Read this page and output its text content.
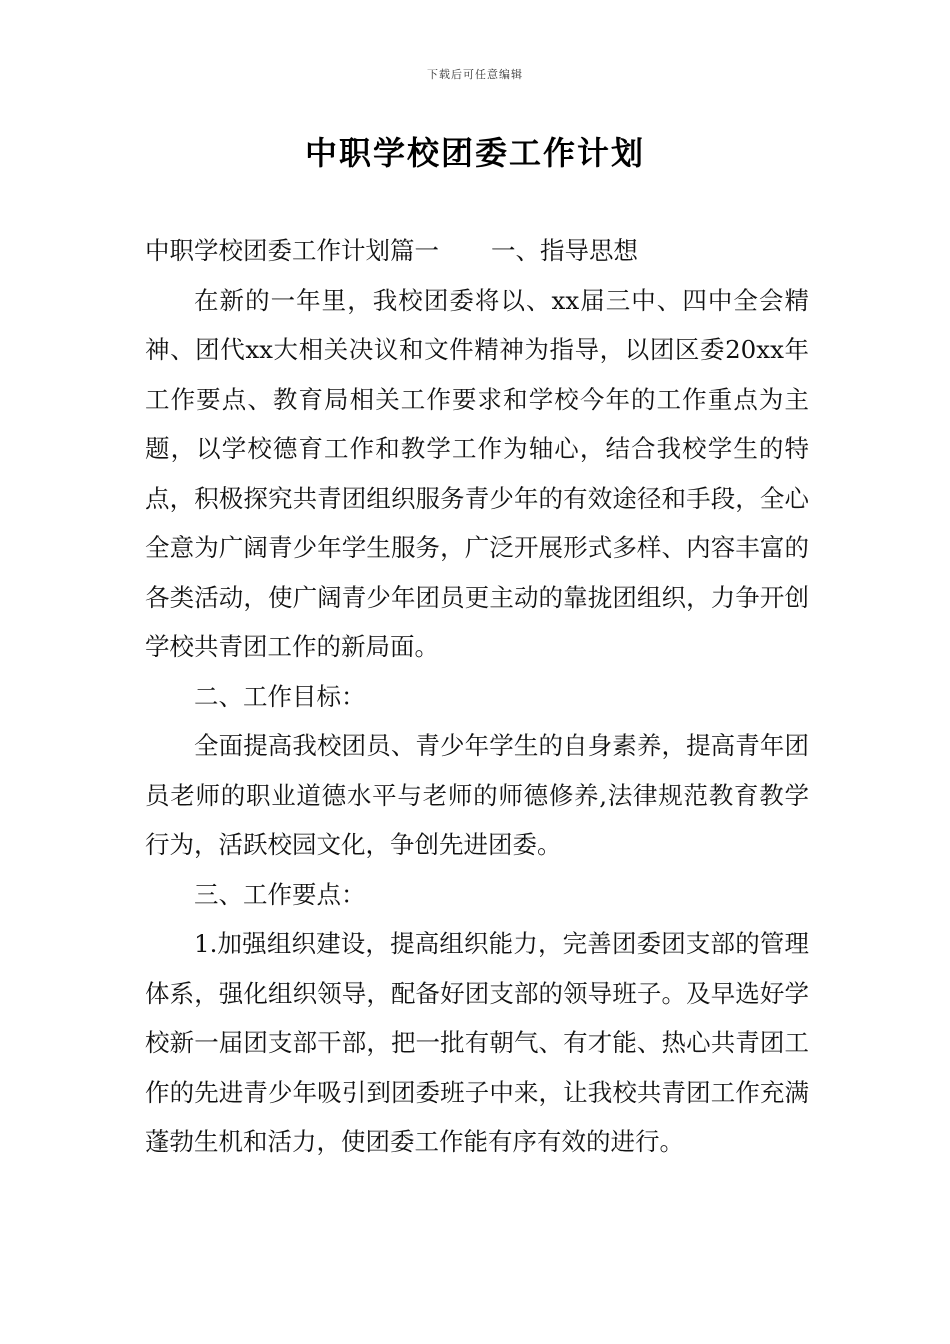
下载后可任意编辑
中职学校团委工作计划

中职学校团委工作计划篇一 一、指导思想

在新的一年里，我校团委将以、xx届三中、四中全会精神、团代xx大相关决议和文件精神为指导，以团区委20xx年工作要点、教育局相关工作要求和学校今年的工作重点为主题，以学校德育工作和教学工作为轴心，结合我校学生的特点，积极探究共青团组织服务青少年的有效途径和手段，全心全意为广阔青少年学生服务，广泛开展形式多样、内容丰富的各类活动，使广阔青少年团员更主动的靠拢团组织，力争开创学校共青团工作的新局面。

二、工作目标：

全面提高我校团员、青少年学生的自身素养，提高青年团员老师的职业道德水平与老师的师德修养,法律规范教育教学行为，活跃校园文化，争创先进团委。

三、工作要点：

1.加强组织建设，提高组织能力，完善团委团支部的管理体系，强化组织领导，配备好团支部的领导班子。及早选好学校新一届团支部干部，把一批有朝气、有才能、热心共青团工作的先进青少年吸引到团委班子中来，让我校共青团工作充满蓬勃生机和活力，使团委工作能有序有效的进行。
